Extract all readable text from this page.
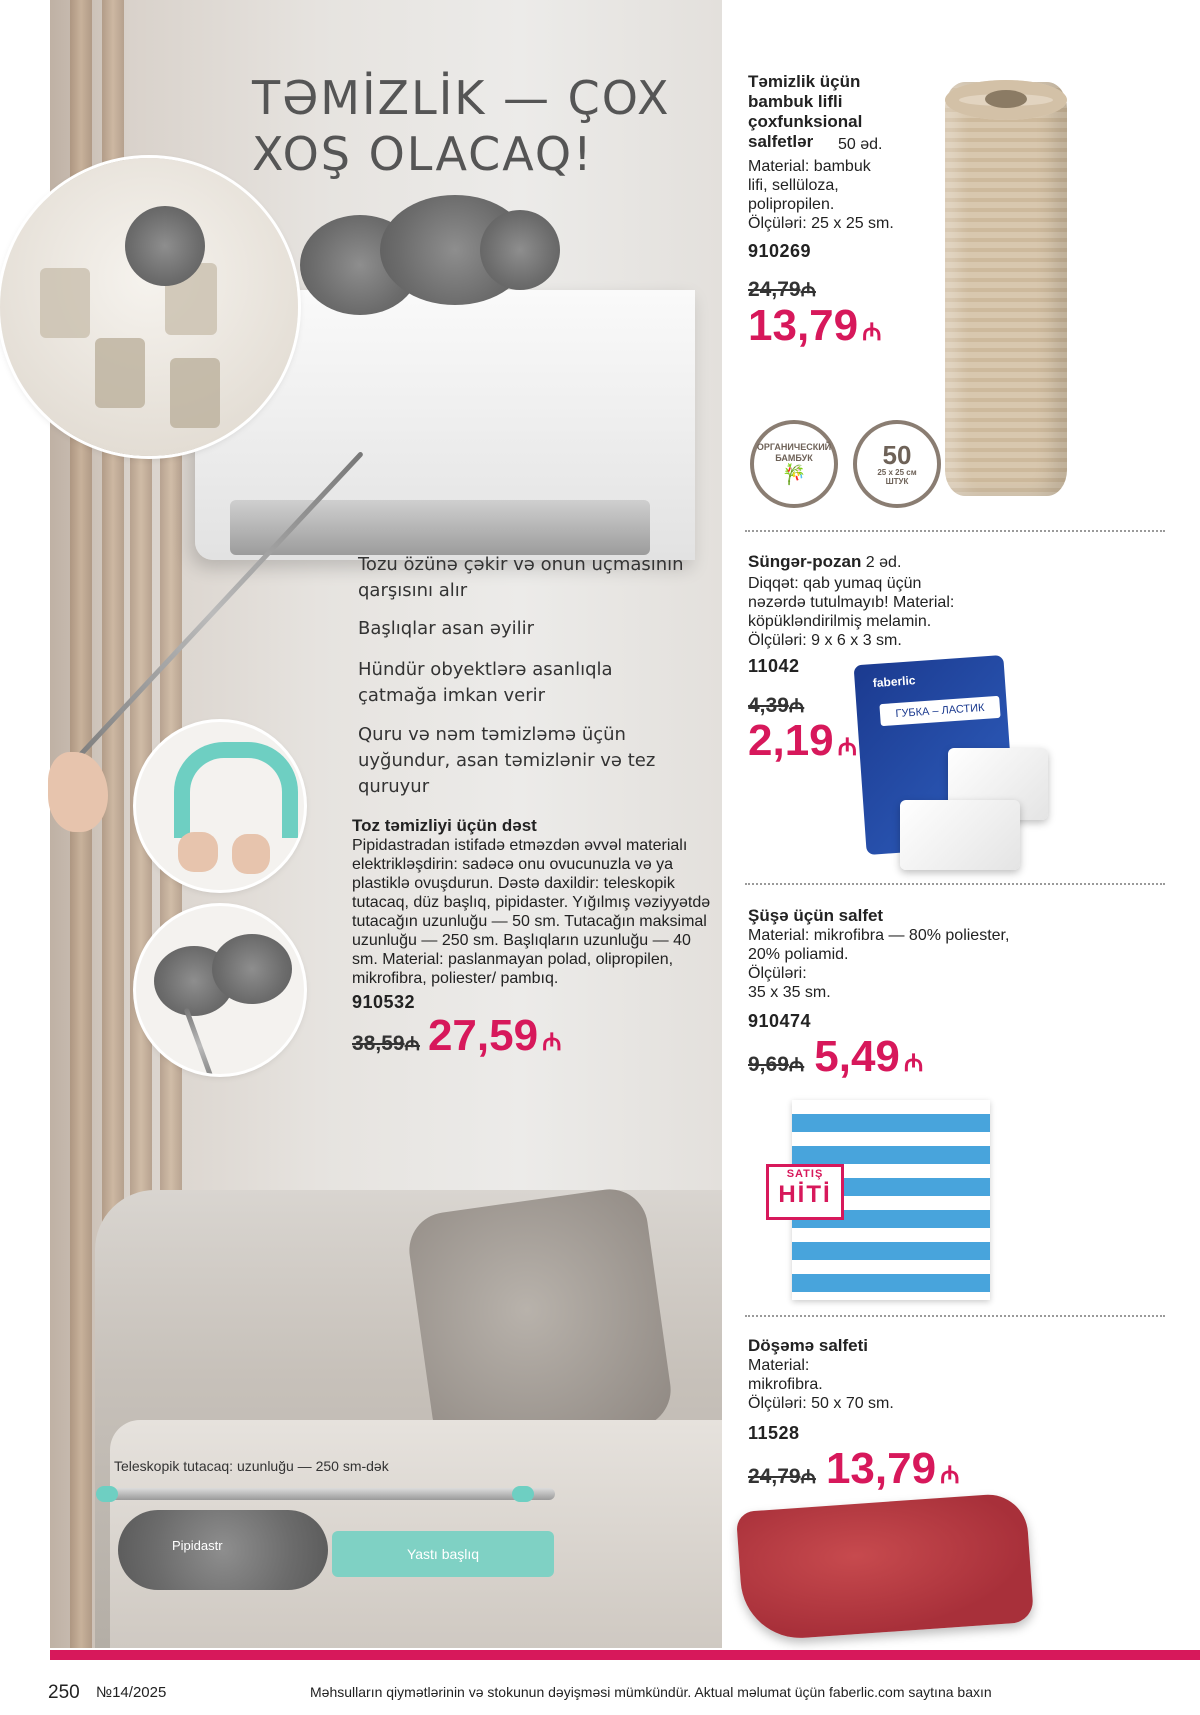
TƏMİZLİK — ÇOX
XOŞ OLACAQ!
Tozu özünə çəkir və onun uçmasının qarşısını alır
Başlıqlar asan əyilir
Hündür obyektlərə asanlıqla çatmağa imkan verir
Quru və nəm təmizləmə üçün uyğundur, asan təmizlənir və tez quruyur
Toz təmizliyi üçün dəst
Pipidastradan istifadə etməzdən əvvəl materialı elektrikləşdirin: sadəcə onu ovucunuzla və ya plastiklə ovuşdurun. Dəstə daxildir: teleskopik tutacaq, düz başlıq, pipidaster. Yığılmış vəziyyətdə tutacağın uzunluğu — 50 sm. Tutacağın maksimal uzunluğu — 250 sm. Başlıqların uzunluğu — 40 sm. Material: paslanmayan polad, olipropilen, mikrofibra, poliester/ pambıq.
910532
38,59₼ 27,59 ₼
Teleskopik tutacaq: uzunluğu — 250 sm-dək
Pipidastr
Yastı başlıq
Təmizlik üçün bambuk lifli çoxfunksional salfetlər	50 əd.
Material: bambuk
lifi, sellüloza,
polipropilen.
Ölçüləri: 25 x 25 sm.
910269
24,79₼
13,79 ₼
ОРГАНИЧЕСКИЙ БАМБУК
🎋
50
25 x 25 см
ШТУК
Süngər-pozan 2 əd.
Diqqət: qab yumaq üçün
nəzərdə tutulmayıb! Material:
köpükləndirilmiş melamin.
Ölçüləri: 9 x 6 x 3 sm.
11042
4,39₼
2,19 ₼
faberlic
ГУБКА – ЛАСТИК
Şüşə üçün salfet
Material: mikrofibra — 80% poliester,
20% poliamid.
Ölçüləri:
35 x 35 sm.
910474
9,69₼ 5,49 ₼
SATIŞ
HİTİ
Döşəmə salfeti
Material:
mikrofibra.
Ölçüləri: 50 x 70 sm.
11528
24,79₼ 13,79 ₼
250 №14/2025	Məhsulların qiymətlərinin və stokunun dəyişməsi mümkündür. Aktual məlumat üçün faberlic.com saytına baxın
